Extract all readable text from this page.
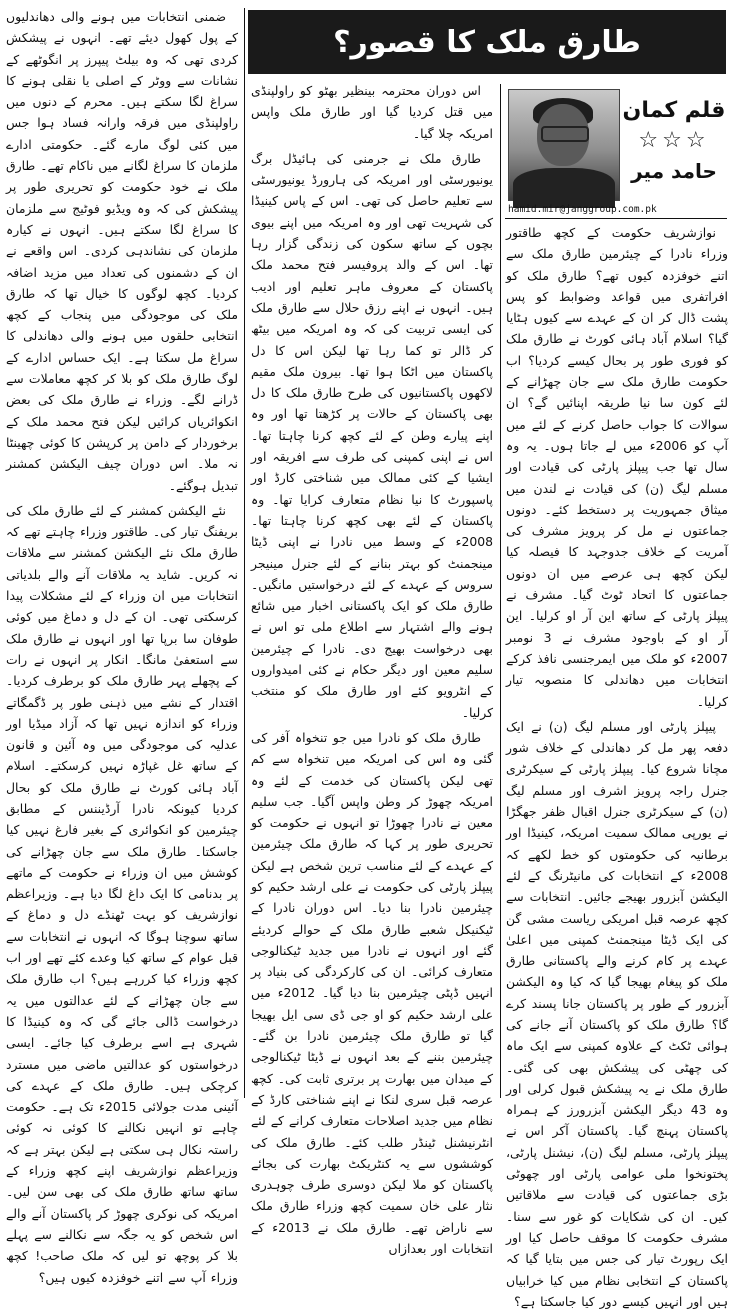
طارق ملک کا قصور؟
قلم کمان
☆☆☆
حامد میر
hamid.mir@janggroup.com.pk

نوازشریف حکومت کے کچھ طاقتور وزراء نادرا کے چیئرمین طارق ملک سے اتنے خوفزدہ کیوں تھے؟ طارق ملک کو افراتفری میں قواعد وضوابط کو پس پشت ڈال کر ان کے عہدے سے کیوں ہٹایا گیا؟ اسلام آباد ہائی کورٹ نے طارق ملک کو فوری طور پر بحال کیسے کردیا؟ اب حکومت طارق ملک سے جان چھڑانے کے لئے کون سا نیا طریقہ اپنائیں گے؟ ان سوالات کا جواب حاصل کرنے کے لئے میں آپ کو 2006ء میں لے جاتا ہوں۔ یہ وہ سال تھا جب پیپلز پارٹی کی قیادت اور مسلم لیگ (ن) کی قیادت نے لندن میں میثاق جمہوریت پر دستخط کئے۔ دونوں جماعتوں نے مل کر پرویز مشرف کی آمریت کے خلاف جدوجہد کا فیصلہ کیا لیکن کچھ ہی عرصے میں ان دونوں جماعتوں کا اتحاد ٹوٹ گیا۔ مشرف نے پیپلز پارٹی کے ساتھ این آر او کرلیا۔ این آر او کے باوجود مشرف نے 3 نومبر 2007ء کو ملک میں ایمرجنسی نافذ کرکے انتخابات میں دھاندلی کا منصوبہ تیار کرلیا۔

پیپلز پارٹی اور مسلم لیگ (ن) نے ایک دفعہ پھر مل کر دھاندلی کے خلاف شور مچانا شروع کیا۔ پیپلز پارٹی کے سیکرٹری جنرل راجہ پرویز اشرف اور مسلم لیگ (ن) کے سیکرٹری جنرل اقبال ظفر جھگڑا نے یورپی ممالک سمیت امریکہ، کینیڈا اور برطانیہ کی حکومتوں کو خط لکھے کہ 2008ء کے انتخابات کی مانیٹرنگ کے لئے الیکشن آبزرور بھیجے جائیں۔ انتخابات سے کچھ عرصہ قبل امریکی ریاست مشی گن کی ایک ڈیٹا مینجمنٹ کمپنی میں اعلیٰ عہدے پر کام کرنے والے پاکستانی طارق ملک کو پیغام بھیجا گیا کہ کیا وہ الیکشن آبزرور کے طور پر پاکستان جانا پسند کرے گا؟ طارق ملک کو پاکستان آنے جانے کی ہوائی ٹکٹ کے علاوہ کمپنی سے ایک ماہ کی چھٹی کی پیشکش بھی کی گئی۔ طارق ملک نے یہ پیشکش قبول کرلی اور وہ 43 دیگر الیکشن آبزرورز کے ہمراہ پاکستان پہنچ گیا۔ پاکستان آکر اس نے پیپلز پارٹی، مسلم لیگ (ن)، نیشنل پارٹی، پختونخوا ملی عوامی پارٹی اور چھوٹی بڑی جماعتوں کی قیادت سے ملاقاتیں کیں۔ ان کی شکایات کو غور سے سنا۔ مشرف حکومت کا موقف حاصل کیا اور ایک رپورٹ تیار کی جس میں بتایا گیا کہ پاکستان کے انتخابی نظام میں کیا خرابیاں ہیں اور انہیں کیسے دور کیا جاسکتا ہے؟

اس دوران محترمہ بینظیر بھٹو کو راولپنڈی میں قتل کردیا گیا اور طارق ملک واپس امریکہ چلا گیا۔

طارق ملک نے جرمنی کی ہائیڈل برگ یونیورسٹی اور امریکہ کی ہارورڈ یونیورسٹی سے تعلیم حاصل کی تھی۔ اس کے پاس کینیڈا کی شہریت تھی اور وہ امریکہ میں اپنے بیوی بچوں کے ساتھ سکون کی زندگی گزار رہا تھا۔ اس کے والد پروفیسر فتح محمد ملک پاکستان کے معروف ماہر تعلیم اور ادیب ہیں۔ انہوں نے اپنے رزق حلال سے طارق ملک کی ایسی تربیت کی کہ وہ امریکہ میں بیٹھ کر ڈالر تو کما رہا تھا لیکن اس کا دل پاکستان میں اٹکا ہوا تھا۔ بیرون ملک مقیم لاکھوں پاکستانیوں کی طرح طارق ملک کا دل بھی پاکستان کے حالات پر کڑھتا تھا اور وہ اپنے پیارے وطن کے لئے کچھ کرنا چاہتا تھا۔ اس نے اپنی کمپنی کی طرف سے افریقہ اور ایشیا کے کئی ممالک میں شناختی کارڈ اور پاسپورٹ کا نیا نظام متعارف کرایا تھا۔ وہ پاکستان کے لئے بھی کچھ کرنا چاہتا تھا۔ 2008ء کے وسط میں نادرا نے اپنی ڈیٹا مینجمنٹ کو بہتر بنانے کے لئے جنرل مینیجر سروس کے عہدے کے لئے درخواستیں مانگیں۔ طارق ملک کو ایک پاکستانی اخبار میں شائع ہونے والے اشتہار سے اطلاع ملی تو اس نے بھی درخواست بھیج دی۔ نادرا کے چیئرمین سلیم معین اور دیگر حکام نے کئی امیدواروں کے انٹرویو کئے اور طارق ملک کو منتخب کرلیا۔

طارق ملک کو نادرا میں جو تنخواہ آفر کی گئی وہ اس کی امریکہ میں تنخواہ سے کم تھی لیکن پاکستان کی خدمت کے لئے وہ امریکہ چھوڑ کر وطن واپس آگیا۔ جب سلیم معین نے نادرا چھوڑا تو انہوں نے حکومت کو تحریری طور پر کہا کہ طارق ملک چیئرمین کے عہدے کے لئے مناسب ترین شخص ہے لیکن پیپلز پارٹی کی حکومت نے علی ارشد حکیم کو چیئرمین نادرا بنا دیا۔ اس دوران نادرا کے ٹیکنیکل شعبے طارق ملک کے حوالے کردیئے گئے اور انہوں نے نادرا میں جدید ٹیکنالوجی متعارف کرائی۔ ان کی کارکردگی کی بنیاد پر انہیں ڈپٹی چیئرمین بنا دیا گیا۔ 2012ء میں علی ارشد حکیم کو او جی ڈی سی ایل بھیجا گیا تو طارق ملک چیئرمین نادرا بن گئے۔ چیئرمین بننے کے بعد انہوں نے ڈیٹا ٹیکنالوجی کے میدان میں بھارت پر برتری ثابت کی۔ کچھ عرصہ قبل سری لنکا نے اپنے شناختی کارڈ کے نظام میں جدید اصلاحات متعارف کرانے کے لئے انٹرنیشنل ٹینڈر طلب کئے۔ طارق ملک کی کوششوں سے یہ کنٹریکٹ بھارت کی بجائے پاکستان کو ملا لیکن دوسری طرف چوہدری نثار علی خان سمیت کچھ وزراء طارق ملک سے ناراض تھے۔ طارق ملک نے 2013ء کے انتخابات اور بعدازاں

ضمنی انتخابات میں ہونے والی دھاندلیوں کے پول کھول دیئے تھے۔ انہوں نے پیشکش کردی تھی کہ وہ بیلٹ پیپرز پر انگوٹھے کے نشانات سے ووٹر کے اصلی یا نقلی ہونے کا سراغ لگا سکتے ہیں۔ محرم کے دنوں میں راولپنڈی میں فرقہ وارانہ فساد ہوا جس میں کئی لوگ مارے گئے۔ حکومتی ادارے ملزمان کا سراغ لگانے میں ناکام تھے۔ طارق ملک نے خود حکومت کو تحریری طور پر پیشکش کی کہ وہ ویڈیو فوٹیج سے ملزمان کا سراغ لگا سکتے ہیں۔ انہوں نے کیارہ ملزمان کی نشاندہی کردی۔ اس واقعے نے ان کے دشمنوں کی تعداد میں مزید اضافہ کردیا۔ کچھ لوگوں کا خیال تھا کہ طارق ملک کی موجودگی میں پنجاب کے کچھ انتخابی حلقوں میں ہونے والی دھاندلی کا سراغ مل سکتا ہے۔ ایک حساس ادارے کے لوگ طارق ملک کو بلا کر کچھ معاملات سے ڈرانے لگے۔ وزراء نے طارق ملک کی بعض انکوائریاں کرائیں لیکن فتح محمد ملک کے برخوردار کے دامن پر کرپشن کا کوئی چھینٹا نہ ملا۔ اس دوران چیف الیکشن کمشنر تبدیل ہوگئے۔

نئے الیکشن کمشنر کے لئے طارق ملک کی بریفنگ تیار کی۔ طاقتور وزراء چاہتے تھے کہ طارق ملک نئے الیکشن کمشنر سے ملاقات نہ کریں۔ شاید یہ ملاقات آنے والے بلدیاتی انتخابات میں ان وزراء کے لئے مشکلات پیدا کرسکتی تھی۔ ان کے دل و دماغ میں کوئی طوفان سا برپا تھا اور انہوں نے طارق ملک سے استعفیٰ مانگا۔ انکار پر انہوں نے رات کے پچھلے پہر طارق ملک کو برطرف کردیا۔ اقتدار کے نشے میں ذہنی طور پر ڈگمگاتے وزراء کو اندازہ نہیں تھا کہ آزاد میڈیا اور عدلیہ کی موجودگی میں وہ آئین و قانون کے ساتھ غل غپاڑہ نہیں کرسکتے۔ اسلام آباد ہائی کورٹ نے طارق ملک کو بحال کردیا کیونکہ نادرا آرڈیننس کے مطابق چیئرمین کو انکوائری کے بغیر فارغ نہیں کیا جاسکتا۔ طارق ملک سے جان چھڑانے کی کوشش میں ان وزراء نے حکومت کے ماتھے پر بدنامی کا ایک داغ لگا دیا ہے۔ وزیراعظم نوازشریف کو بہت ٹھنڈے دل و دماغ کے ساتھ سوچنا ہوگا کہ انہوں نے انتخابات سے قبل عوام کے ساتھ کیا وعدے کئے تھے اور اب کچھ وزراء کیا کررہے ہیں؟ اب طارق ملک سے جان چھڑانے کے لئے عدالتوں میں یہ درخواست ڈالی جائے گی کہ وہ کینیڈا کا شہری ہے اسے برطرف کیا جائے۔ ایسی درخواستوں کو عدالتیں ماضی میں مسترد کرچکی ہیں۔ طارق ملک کے عہدے کی آئینی مدت جولائی 2015ء تک ہے۔ حکومت چاہے تو انہیں نکالنے کا کوئی نہ کوئی راستہ نکال ہی سکتی ہے لیکن بہتر ہے کہ وزیراعظم نوازشریف اپنے کچھ وزراء کے ساتھ ساتھ طارق ملک کی بھی سن لیں۔ امریکہ کی نوکری چھوڑ کر پاکستان آنے والے اس شخص کو یہ جگہ سے نکالنے سے پہلے بلا کر پوچھ تو لیں کہ ملک صاحب! کچھ وزراء آپ سے اتنے خوفزدہ کیوں ہیں؟
